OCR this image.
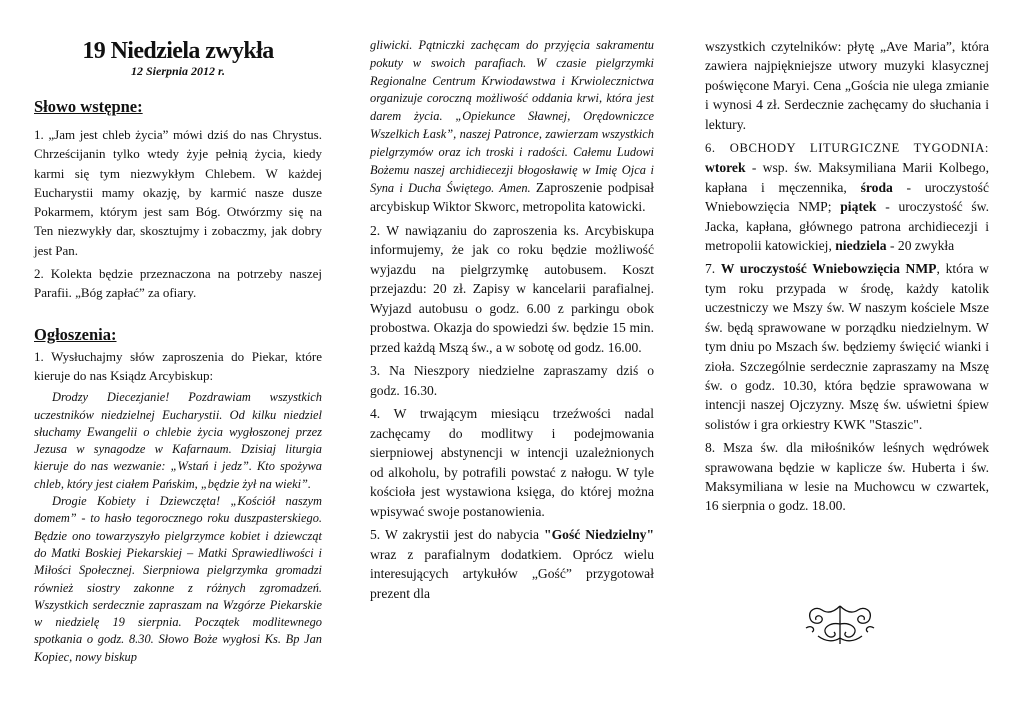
19 Niedziela zwykła
12 Sierpnia 2012 r.
Słowo wstępne:

1. „Jam jest chleb życia” mówi dziś do nas Chrystus. Chrześcijanin tylko wtedy żyje pełnią życia, kiedy karmi się tym niezwykłym Chlebem. W każdej Eucharystii mamy okazję, by karmić nasze dusze Pokarmem, którym jest sam Bóg. Otwórzmy się na Ten niezwykły dar, skosztujmy i zobaczmy, jak dobry jest Pan.

2. Kolekta będzie przeznaczona na potrzeby naszej Parafii. „Bóg zapłać” za ofiary.

Ogłoszenia:

1. Wysłuchajmy słów zaproszenia do Piekar, które kieruje do nas Ksiądz Arcybiskup:

Drodzy Diecezjanie! Pozdrawiam wszystkich uczestników niedzielnej Eucharystii. Od kilku niedziel słuchamy Ewangelii o chlebie życia wygłoszonej przez Jezusa w synagodze w Kafarnaum. Dzisiaj liturgia kieruje do nas wezwanie: „Wstań i jedz”. Kto spożywa chleb, który jest ciałem Pańskim, „będzie żył na wieki”.

Drogie Kobiety i Dziewczęta! „Kościół naszym domem” - to hasło tegorocznego roku duszpasterskiego. Będzie ono towarzyszyło pielgrzymce kobiet i dziewcząt do Matki Boskiej Piekarskiej – Matki Sprawiedliwości i Miłości Społecznej. Sierpniowa pielgrzymka gromadzi również siostry zakonne z różnych zgromadzeń. Wszystkich serdecznie zapraszam na Wzgórze Piekarskie w niedzielę 19 sierpnia. Początek modlitewnego spotkania o godz. 8.30. Słowo Boże wygłosi Ks. Bp Jan Kopiec, nowy biskup

gliwicki. Pątniczki zachęcam do przyjęcia sakramentu pokuty w swoich parafiach. W czasie pielgrzymki Regionalne Centrum Krwiodawstwa i Krwiolecznictwa organizuje coroczną możliwość oddania krwi, która jest darem życia. „Opiekunce Sławnej, Orędowniczce Wszelkich Łask”, naszej Patronce, zawierzam wszystkich pielgrzymów oraz ich troski i radości. Całemu Ludowi Bożemu naszej archidiecezji błogosławię w Imię Ojca i Syna i Ducha Świętego. Amen. Zaproszenie podpisał arcybiskup Wiktor Skworc, metropolita katowicki.

2. W nawiązaniu do zaproszenia ks. Arcybiskupa informujemy, że jak co roku będzie możliwość wyjazdu na pielgrzymkę autobusem. Koszt przejazdu: 20 zł. Zapisy w kancelarii parafialnej. Wyjazd autobusu o godz. 6.00 z parkingu obok probostwa. Okazja do spowiedzi św. będzie 15 min. przed każdą Mszą św., a w sobotę od godz. 16.00.

3. Na Nieszpory niedzielne zapraszamy dziś o godz. 16.30.

4. W trwającym miesiącu trzeźwości nadal zachęcamy do modlitwy i podejmowania sierpniowej abstynencji w intencji uzależnionych od alkoholu, by potrafili powstać z nałogu. W tyle kościoła jest wystawiona księga, do której można wpisywać swoje postanowienia.

5. W zakrystii jest do nabycia "Gość Niedzielny" wraz z parafialnym dodatkiem. Oprócz wielu interesujących artykułów „Gość” przygotował prezent dla

wszystkich czytelników: płytę „Ave Maria”, która zawiera najpiękniejsze utwory muzyki klasycznej poświęcone Maryi. Cena „Gościa nie ulega zmianie i wynosi 4 zł. Serdecznie zachęcamy do słuchania i lektury.

6. OBCHODY LITURGICZNE TYGODNIA: wtorek - wsp. św. Maksymiliana Marii Kolbego, kapłana i męczennika, środa - uroczystość Wniebowzięcia NMP; piątek - uroczystość św. Jacka, kapłana, głównego patrona archidiecezji i metropolii katowickiej, niedziela - 20 zwykła

7. W uroczystość Wniebowzięcia NMP, która w tym roku przypada w środę, każdy katolik uczestniczy we Mszy św. W naszym kościele Msze św. będą sprawowane w porządku niedzielnym. W tym dniu po Mszach św. będziemy święcić wianki i zioła. Szczególnie serdecznie zapraszamy na Mszę św. o godz. 10.30, która będzie sprawowana w intencji naszej Ojczyzny. Mszę św. uświetni śpiew solistów i gra orkiestry KWK "Staszic".

8. Msza św. dla miłośników leśnych wędrówek sprawowana będzie w kaplicze św. Huberta i św. Maksymiliana w lesie na Muchowcu w czwartek, 16 sierpnia o godz. 18.00.
